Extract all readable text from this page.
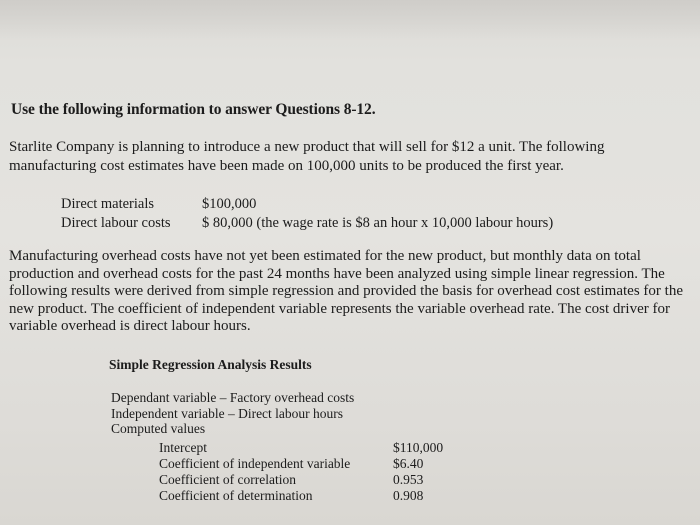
Use the following information to answer Questions 8-12.

Starlite Company is planning to introduce a new product that will sell for $12 a unit. The following manufacturing cost estimates have been made on 100,000 units to be produced the first year.

Direct materials	$100,000
Direct labour costs $ 80,000 (the wage rate is $8 an hour x 10,000 labour hours)

Manufacturing overhead costs have not yet been estimated for the new product, but monthly data on total production and overhead costs for the past 24 months have been analyzed using simple linear regression. The following results were derived from simple regression and provided the basis for overhead cost estimates for the new product. The coefficient of independent variable represents the variable overhead rate. The cost driver for variable overhead is direct labour hours.

Simple Regression Analysis Results
Dependant variable – Factory overhead costs
Independent variable – Direct labour hours
Computed values
Intercept	$110,000
Coefficient of independent variable	$6.40
Coefficient of correlation	0.953
Coefficient of determination	0.908
